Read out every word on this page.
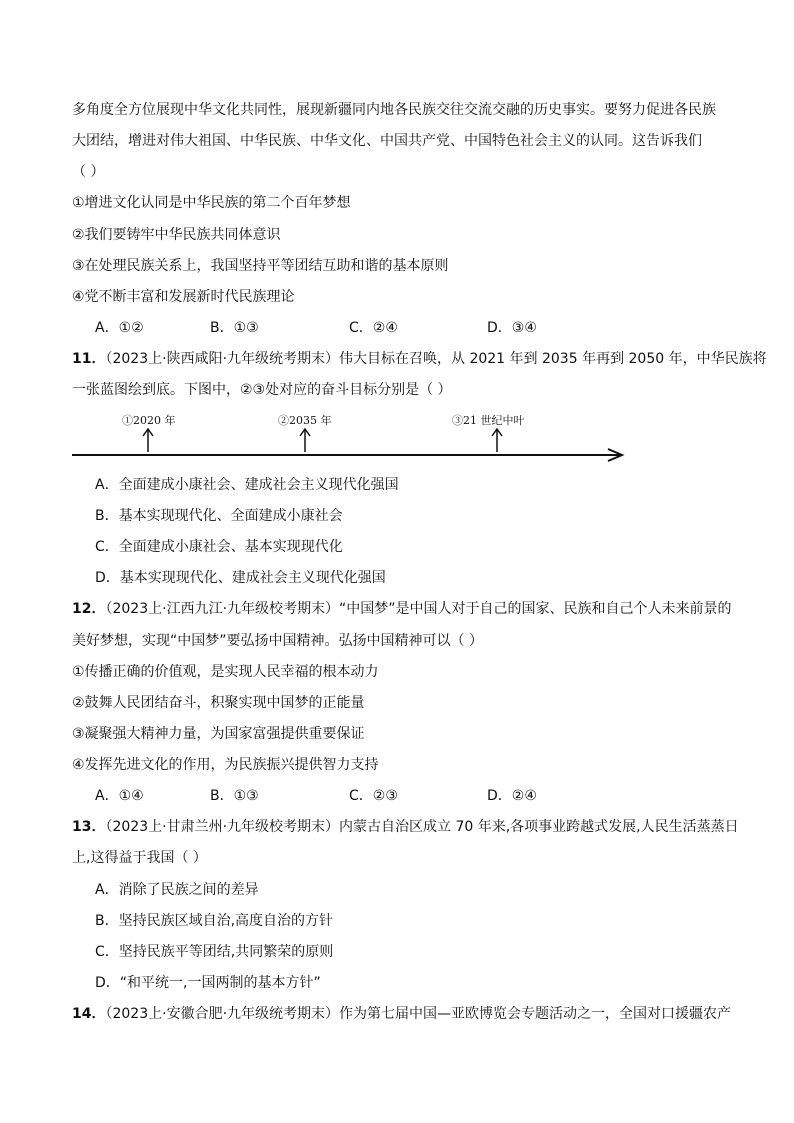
多角度全方位展现中华文化共同性，展现新疆同内地各民族交往交流交融的历史事实。要努力促进各民族
大团结，增进对伟大祖国、中华民族、中华文化、中国共产党、中国特色社会主义的认同。这告诉我们
（ ）
①增进文化认同是中华民族的第二个百年梦想
②我们要铸牢中华民族共同体意识
③在处理民族关系上，我国坚持平等团结互助和谐的基本原则
④党不断丰富和发展新时代民族理论
A．①②	B．①③	C．②④	D．③④
11．（2023上·陕西咸阳·九年级统考期末）伟大目标在召唤，从 2021 年到 2035 年再到 2050 年，中华民族将
一张蓝图绘到底。下图中，②③处对应的奋斗目标分别是（ ）
①2020 年	②2035 年	③21 世纪中叶
A．全面建成小康社会、建成社会主义现代化强国
B．基本实现现代化、全面建成小康社会
C．全面建成小康社会、基本实现现代化
D．基本实现现代化、建成社会主义现代化强国
12．（2023上·江西九江·九年级校考期末）“中国梦”是中国人对于自己的国家、民族和自己个人未来前景的
美好梦想，实现“中国梦”要弘扬中国精神。弘扬中国精神可以（ ）
①传播正确的价值观，是实现人民幸福的根本动力
②鼓舞人民团结奋斗，积聚实现中国梦的正能量
③凝聚强大精神力量，为国家富强提供重要保证
④发挥先进文化的作用，为民族振兴提供智力支持
A．①④	B．①③	C．②③	D．②④
13．（2023上·甘肃兰州·九年级校考期末）内蒙古自治区成立 70 年来,各项事业跨越式发展,人民生活蒸蒸日
上,这得益于我国（ ）
A．消除了民族之间的差异
B．坚持民族区域自治,高度自治的方针
C．坚持民族平等团结,共同繁荣的原则
D．“和平统一,一国两制的基本方针”
14．（2023上·安徽合肥·九年级统考期末）作为第七届中国—亚欧博览会专题活动之一，全国对口援疆农产
